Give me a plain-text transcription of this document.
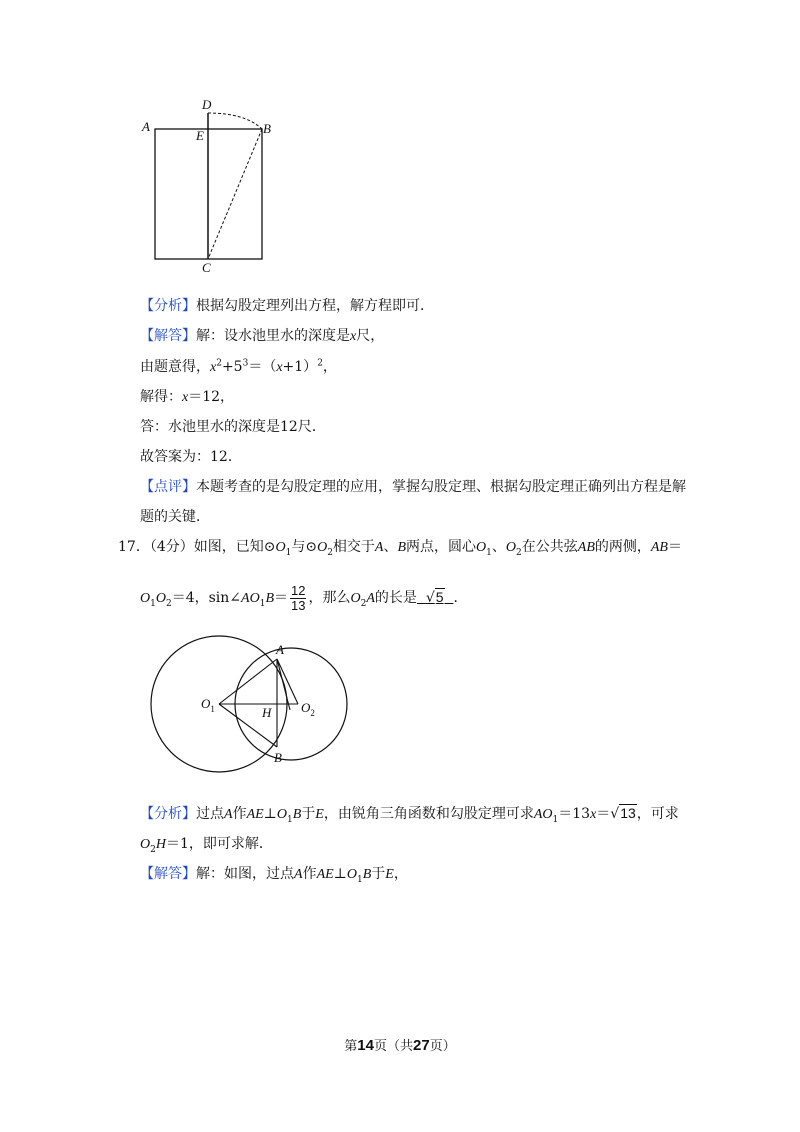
A
D
E	B
C
【分析】根据勾股定理列出方程，解方程即可．
【解答】解：设水池里水的深度是x尺，
由题意得，$x^2+5^3=(x+1)^2$，
解得：x＝12，
答：水池里水的深度是12尺．
故答案为：12．
【点评】本题考查的是勾股定理的应用，掌握勾股定理、根据勾股定理正确列出方程是解
题的关键．
17．（4分）如图，已知$⊙O_1$与$⊙O_2$相交于A、B两点，圆心$O_1$、$O_2$在公共弦AB的两侧，AB＝
$O_1O_2=4$，$\sin\angle AO_1B= \frac{12}{13}$ ，那么$O_2A$的长是 √5 ．
A
B
H
$O_1$	$O_2$
【分析】过点A作$AE\perp O_1B$于E，由锐角三角函数和勾股定理可求$AO_1=13x=√13$，可求
$O_2H=1$，即可求解．
【解答】解：如图，过点A作$AE\perp O_1B$于E，
第14页（共27页）
